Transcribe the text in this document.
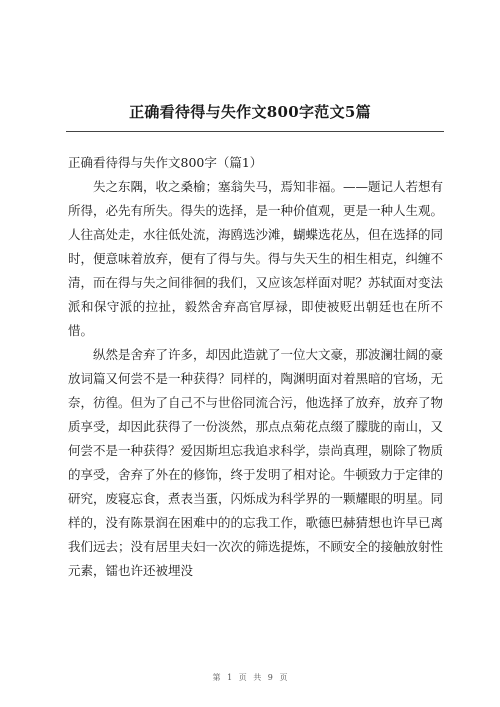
正确看待得与失作文800字范文5篇

正确看待得与失作文800字（篇1）

失之东隅，收之桑榆；塞翁失马，焉知非福。——题记人若想有所得，必先有所失。得失的选择，是一种价值观，更是一种人生观。人往高处走，水往低处流，海鸥选沙滩，蝴蝶选花丛，但在选择的同时，便意味着放弃，便有了得与失。得与失天生的相生相克，纠缠不清，而在得与失之间徘徊的我们，又应该怎样面对呢？苏轼面对变法派和保守派的拉扯，毅然舍弃高官厚禄，即使被贬出朝廷也在所不惜。

纵然是舍弃了许多，却因此造就了一位大文豪，那波澜壮阔的豪放词篇又何尝不是一种获得？同样的，陶渊明面对着黑暗的官场，无奈，彷徨。但为了自己不与世俗同流合污，他选择了放弃，放弃了物质享受，却因此获得了一份淡然，那点点菊花点缀了朦胧的南山，又何尝不是一种获得？爱因斯坦忘我追求科学，崇尚真理，剔除了物质的享受，舍弃了外在的修饰，终于发明了相对论。牛顿致力于定律的研究，废寝忘食，煮表当蛋，闪烁成为科学界的一颗耀眼的明星。同样的，没有陈景润在困难中的的忘我工作，歌德巴赫猜想也许早已离我们远去；没有居里夫妇一次次的筛选提炼，不顾安全的接触放射性元素，镭也许还被埋没

第 1 页 共 9 页
